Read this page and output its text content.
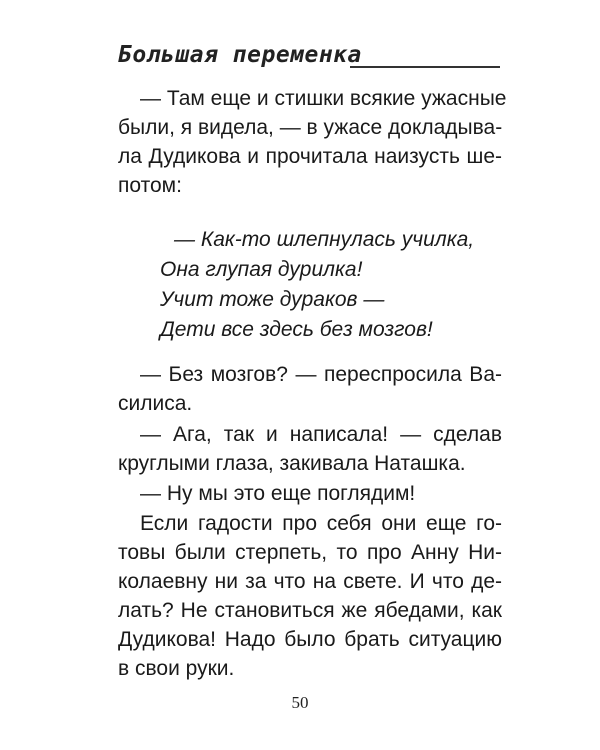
Большая переменка
— Там еще и стишки всякие ужасные
были, я видела, — в ужасе докладыва-
ла Дудикова и прочитала наизусть ше-
потом:
— Как-то шлепнулась училка,
Она глупая дурилка!
Учит тоже дураков —
Дети все здесь без мозгов!
— Без мозгов? — переспросила Ва-
силиса.
— Ага, так и написала! — сделав
круглыми глаза, закивала Наташка.
— Ну мы это еще поглядим!
Если гадости про себя они еще го-
товы были стерпеть, то про Анну Ни-
колаевну ни за что на свете. И что де-
лать? Не становиться же ябедами, как
Дудикова! Надо было брать ситуацию
в свои руки.
50
